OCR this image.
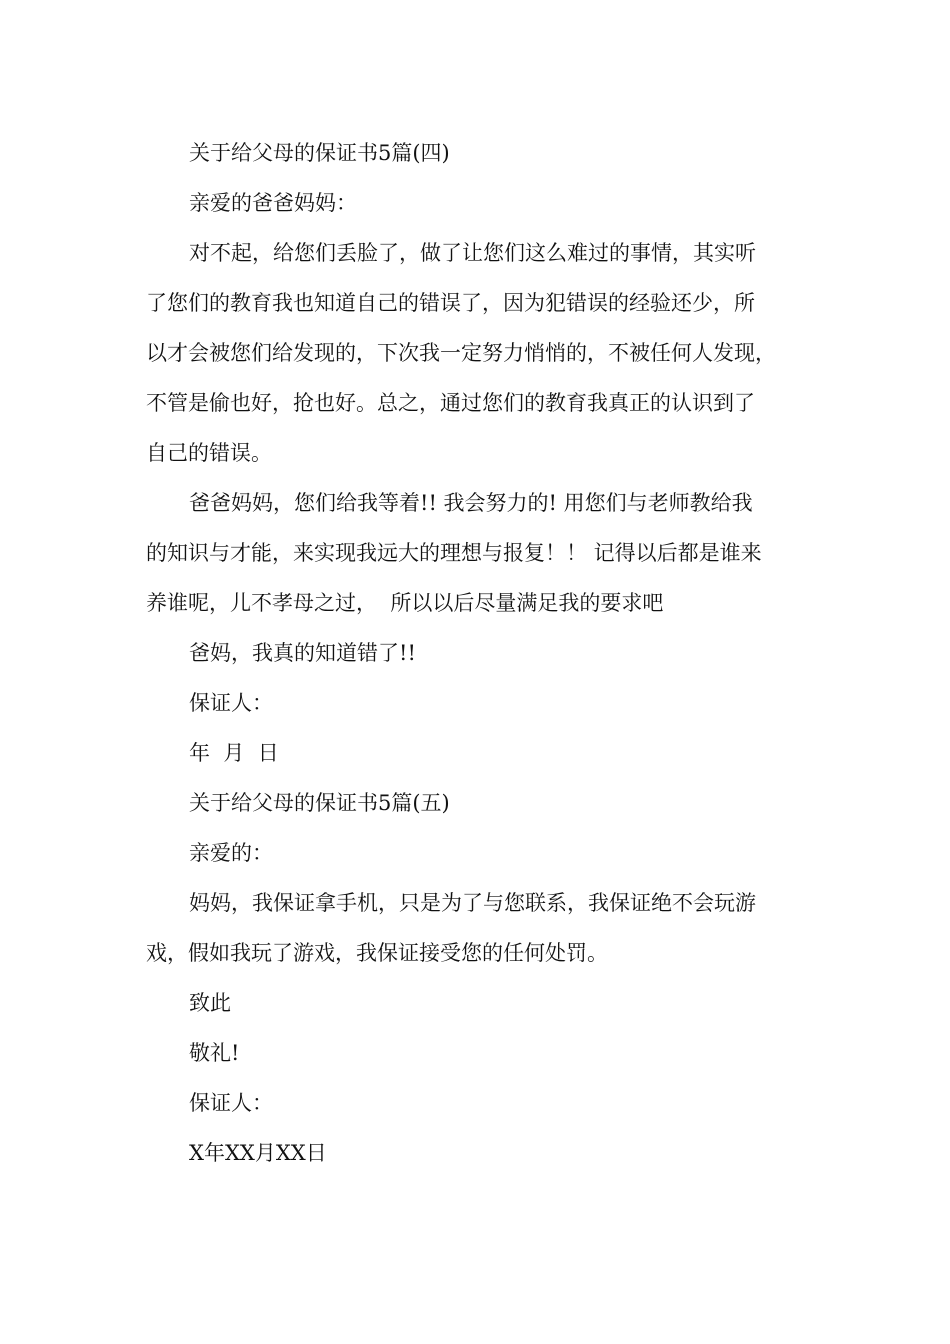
关于给父母的保证书5篇(四)
亲爱的爸爸妈妈：
对不起，给您们丢脸了，做了让您们这么难过的事情，其实听
了您们的教育我也知道自己的错误了，因为犯错误的经验还少，所
以才会被您们给发现的，下次我一定努力悄悄的，不被任何人发现，
不管是偷也好，抢也好。总之，通过您们的教育我真正的认识到了
自己的错误。
爸爸妈妈，您们给我等着!! 我会努力的! 用您们与老师教给我
的知识与才能，来实现我远大的理想与报复！！ 记得以后都是谁来
养谁呢，儿不孝母之过，  所以以后尽量满足我的要求吧
爸妈，我真的知道错了!!
保证人：
年  月  日
关于给父母的保证书5篇(五)
亲爱的：
妈妈，我保证拿手机，只是为了与您联系，我保证绝不会玩游
戏，假如我玩了游戏，我保证接受您的任何处罚。
致此
敬礼!
保证人：
X年XX月XX日
